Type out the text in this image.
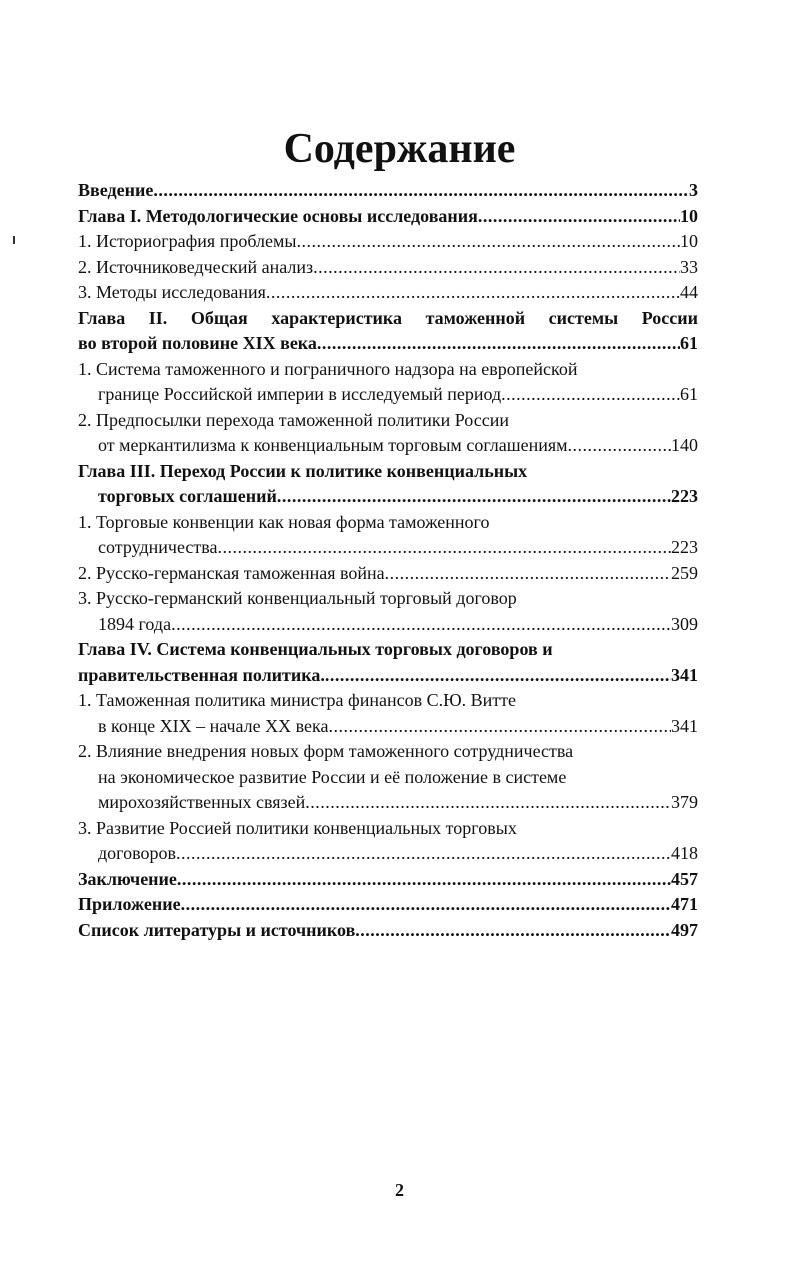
Содержание
Введение .....	3
Глава I. Методологические основы исследования .....	10
1. Историография проблемы .....	10
2. Источниковедческий анализ .....	33
3. Методы исследования .....	44
Глава II. Общая характеристика таможенной системы России
во второй половине XIX века .....	61
1. Система таможенного и пограничного надзора на европейской
границе Российской империи в исследуемый период .....	61
2. Предпосылки перехода таможенной политики России
от меркантилизма к конвенциальным торговым соглашениям .....	140
Глава III. Переход России к политике конвенциальных
торговых соглашений .....	223
1. Торговые конвенции как новая форма таможенного
сотрудничества .....	223
2. Русско-германская таможенная война .....	259
3. Русско-германский конвенциальный торговый договор
1894 года .....	309
Глава IV. Система конвенциальных торговых договоров и
правительственная политика. .....	341
1. Таможенная политика министра финансов С.Ю. Витте
в конце XIX – начале XX века .....	341
2. Влияние внедрения новых форм таможенного сотрудничества
на экономическое развитие России и её положение в системе
мирохозяйственных связей .....	379
3. Развитие Россией политики конвенциальных торговых
договоров .....	418
Заключение .....	457
Приложение .....	471
Список литературы и источников .....	497
2
